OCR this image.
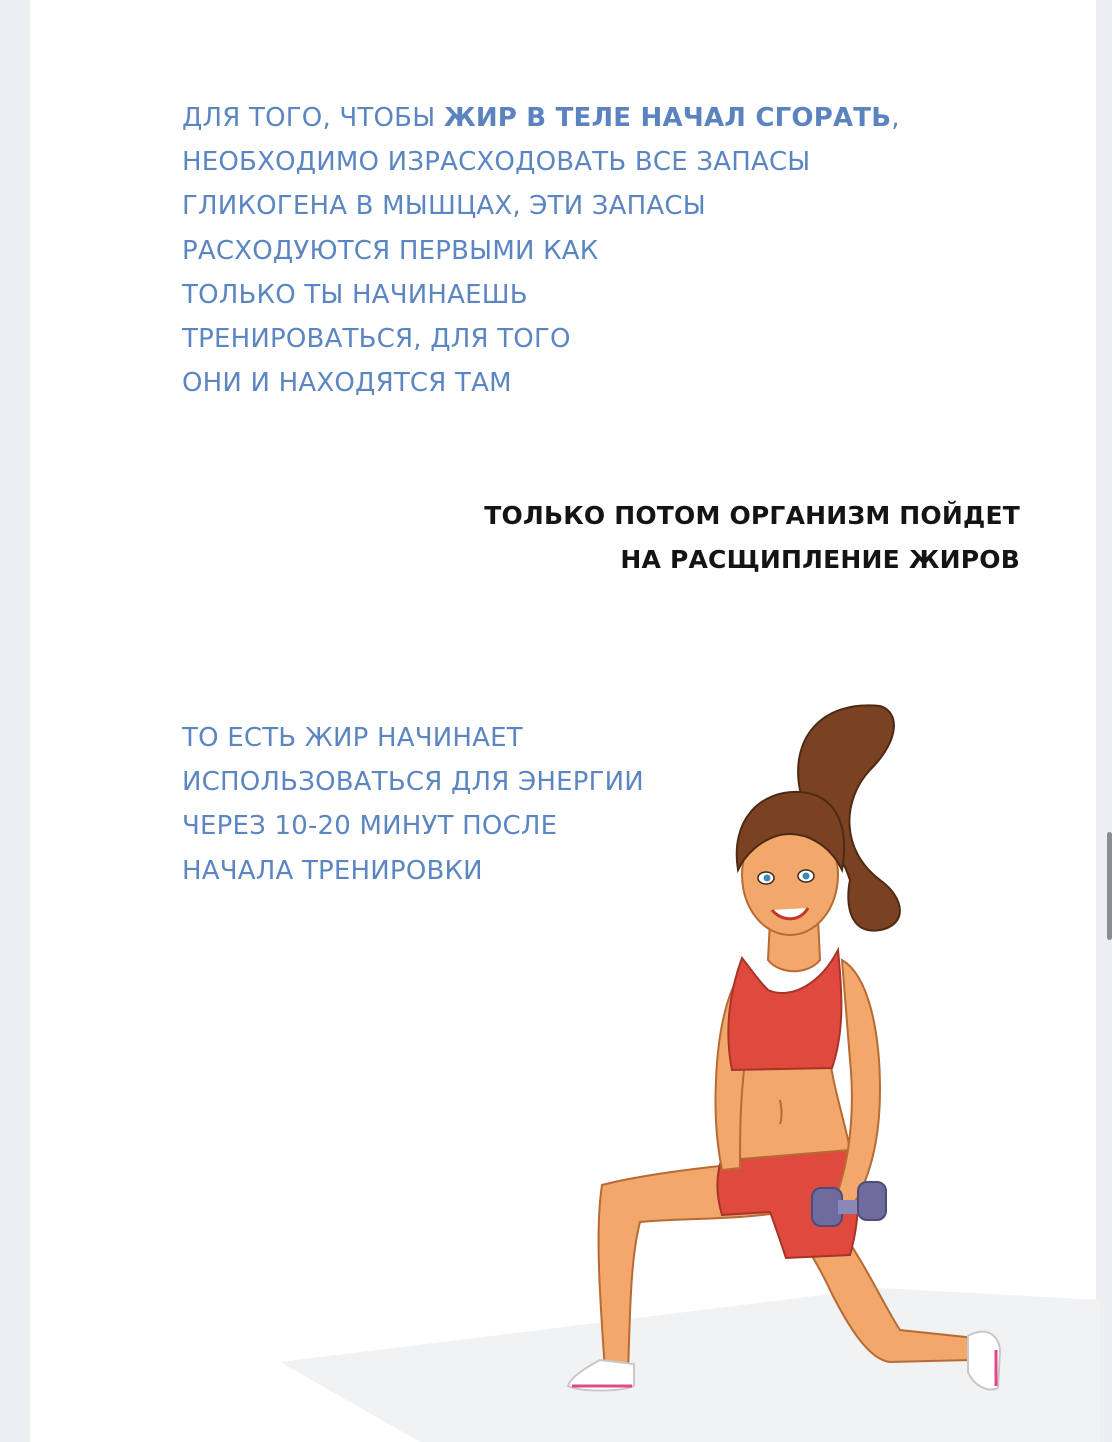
ДЛЯ ТОГО, ЧТОБЫ ЖИР В ТЕЛЕ НАЧАЛ СГОРАТЬ,
НЕОБХОДИМО ИЗРАСХОДОВАТЬ ВСЕ ЗАПАСЫ
ГЛИКОГЕНА В МЫШЦАХ, ЭТИ ЗАПАСЫ
РАСХОДУЮТСЯ ПЕРВЫМИ КАК
ТОЛЬКО ТЫ НАЧИНАЕШЬ
ТРЕНИРОВАТЬСЯ, ДЛЯ ТОГО
ОНИ И НАХОДЯТСЯ ТАМ

ТОЛЬКО ПОТОМ ОРГАНИЗМ ПОЙДЕТ
НА РАСЩИПЛЕНИЕ ЖИРОВ

ТО ЕСТЬ ЖИР НАЧИНАЕТ
ИСПОЛЬЗОВАТЬСЯ ДЛЯ ЭНЕРГИИ
ЧЕРЕЗ 10-20 МИНУТ ПОСЛЕ
НАЧАЛА ТРЕНИРОВКИ
